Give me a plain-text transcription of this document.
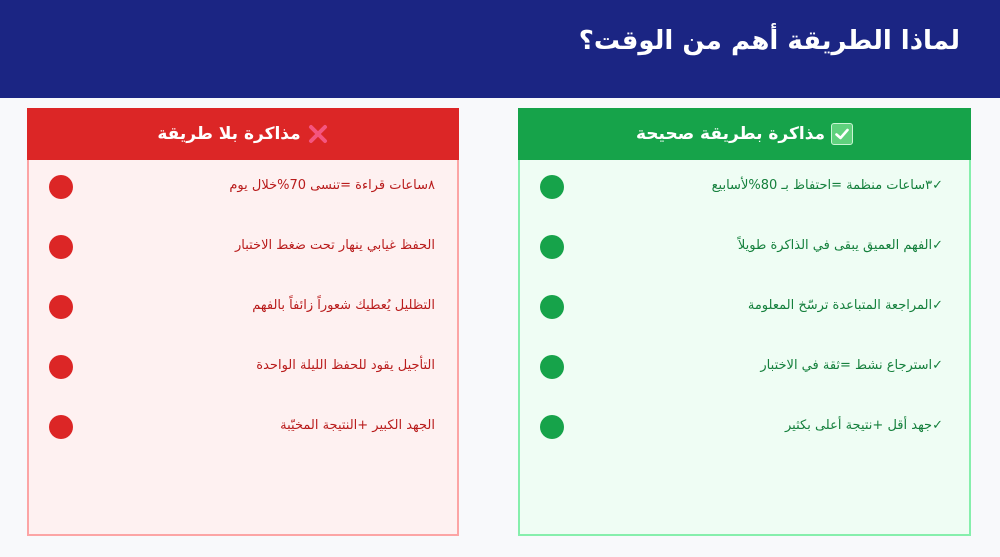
لماذا الطريقة أهم من الوقت؟
مذاكرة بلا طريقة
٨ساعات قراءة =تنسى 70%خلال يوم
الحفظ غيابي ينهار تحت ضغط الاختبار
التظليل يُعطيك شعوراً زائفاً بالفهم
التأجيل يقود للحفظ الليلة الواحدة
الجهد الكبير +النتيجة المخيّبة
مذاكرة بطريقة صحيحة
✓٣ساعات منظمة =احتفاظ بـ 80%لأسابيع
✓الفهم العميق يبقى في الذاكرة طويلاً
✓المراجعة المتباعدة ترسّخ المعلومة
✓استرجاع نشط =ثقة في الاختبار
✓جهد أقل +نتيجة أعلى بكثير
